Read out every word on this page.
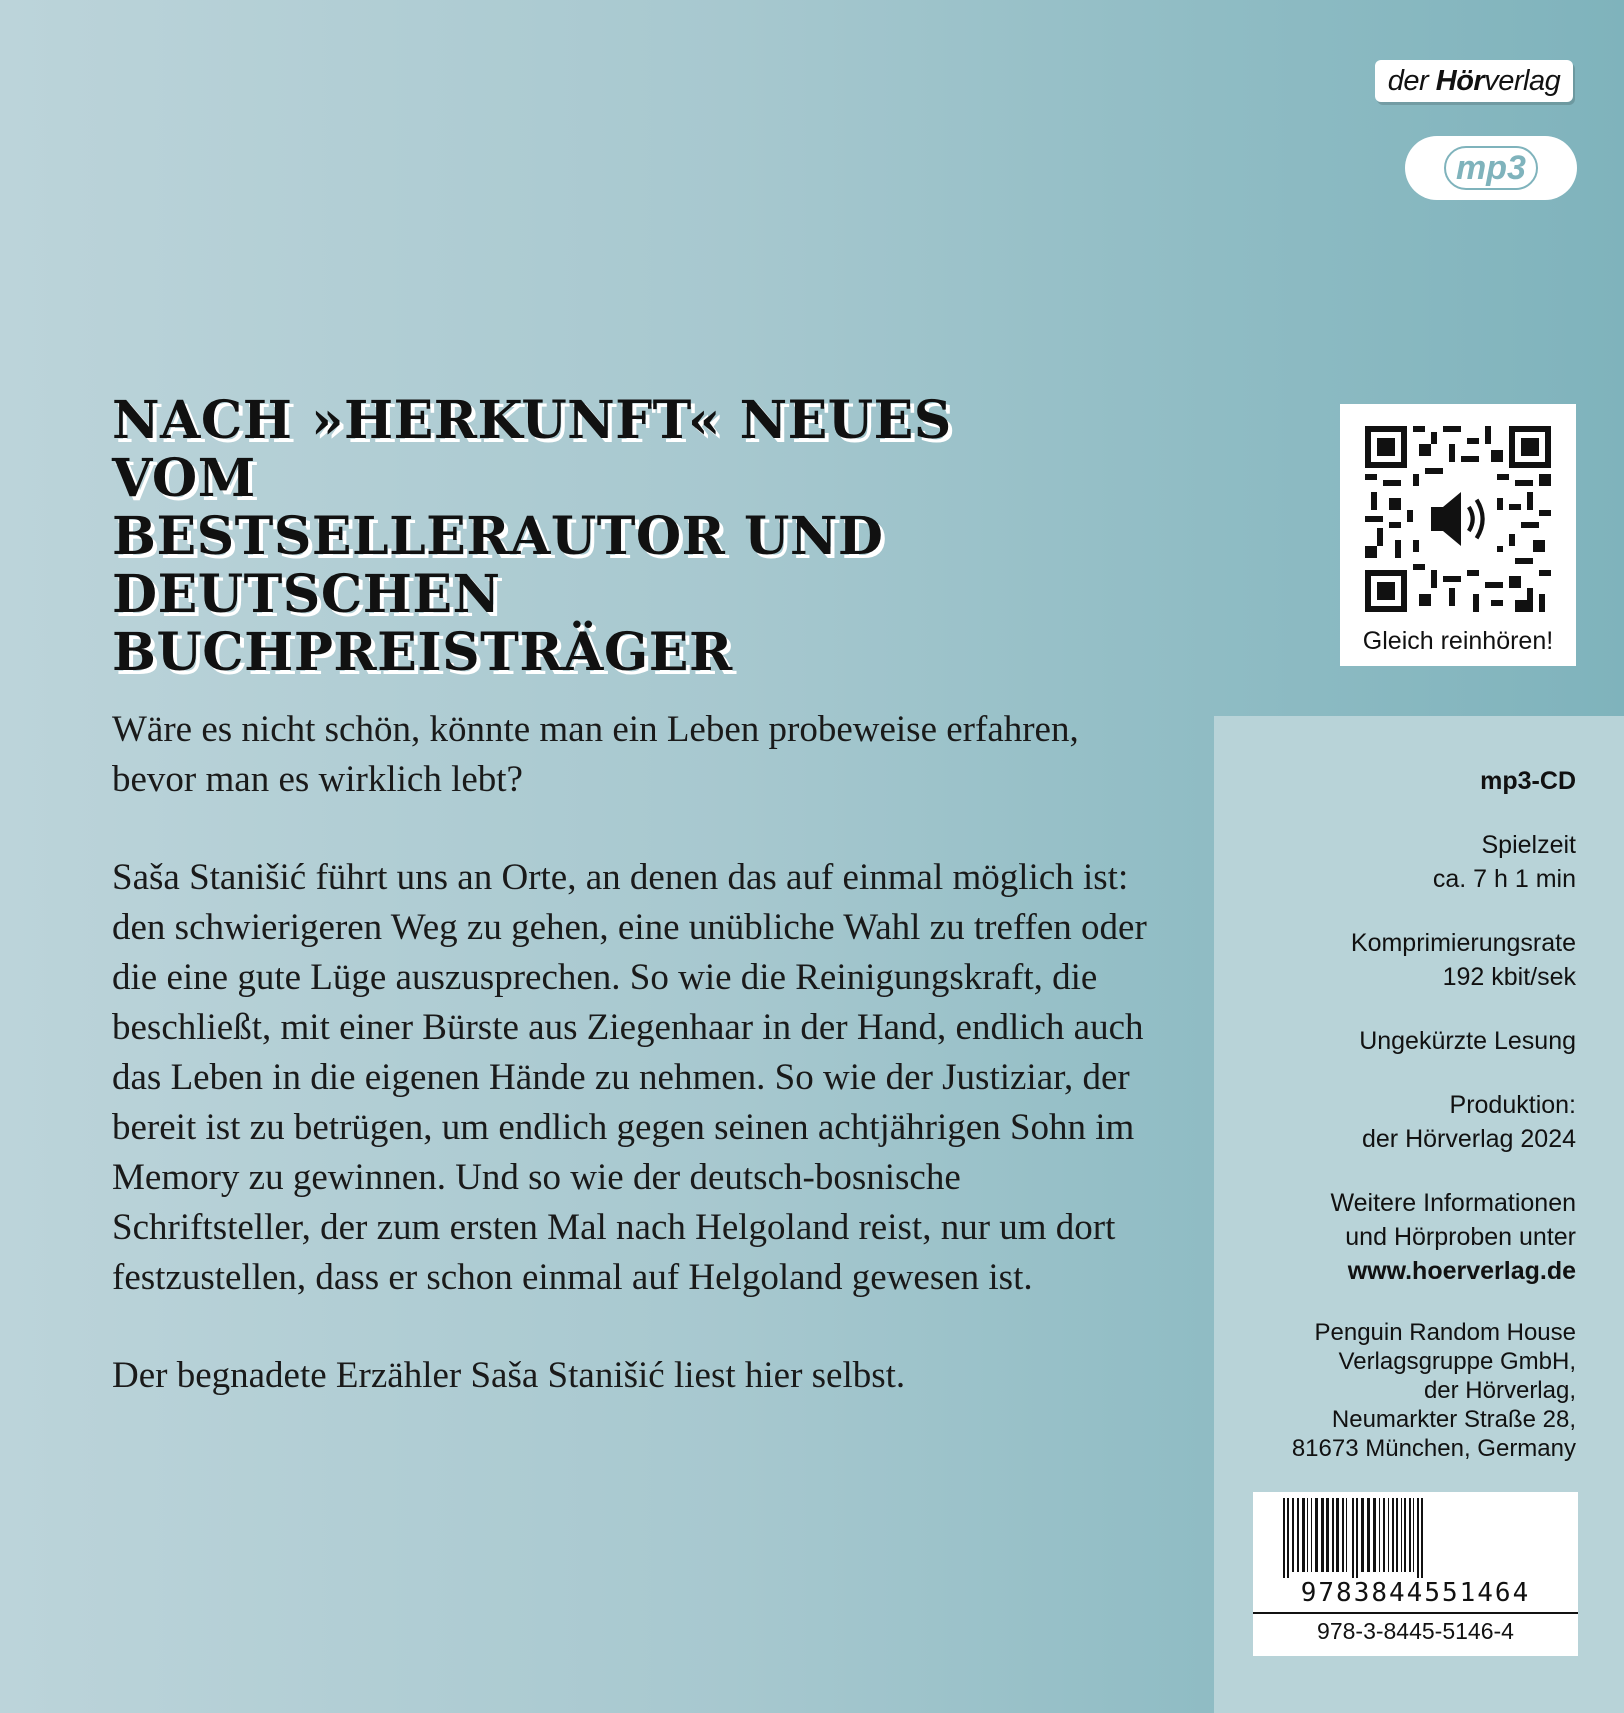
der
Hör verlag
mp3
NACH »HERKUNFT« NEUES VOM
BESTSELLERAUTOR UND
DEUTSCHEN BUCHPREISTRÄGER

Wäre es nicht schön, könnte man ein Leben probeweise erfahren, bevor man es wirklich lebt?

Saša Stanišić führt uns an Orte, an denen das auf einmal möglich ist: den schwierigeren Weg zu gehen, eine unübliche Wahl zu treffen oder die eine gute Lüge auszusprechen. So wie die Reinigungskraft, die beschließt, mit einer Bürste aus Ziegenhaar in der Hand, endlich auch das Leben in die eigenen Hände zu nehmen. So wie der Justiziar, der bereit ist zu betrügen, um endlich gegen seinen achtjährigen Sohn im Memory zu gewinnen. Und so wie der deutsch-bosnische Schriftsteller, der zum ersten Mal nach Helgoland reist, nur um dort festzustellen, dass er schon einmal auf Helgoland gewesen ist.

Der begnadete Erzähler Saša Stanišić liest hier selbst.

Gleich reinhören!
mp3-CD
Spielzeit
ca. 7 h 1 min
Komprimierungsrate
192 kbit/sek
Ungekürzte Lesung
Produktion:
der Hörverlag 2024
Weitere Informationen
und Hörproben unter
www.hoerverlag.de
Penguin Random House
Verlagsgruppe GmbH,
der Hörverlag,
Neumarkter Straße 28,
81673 München, Germany
9783844551464
978-3-8445-5146-4
